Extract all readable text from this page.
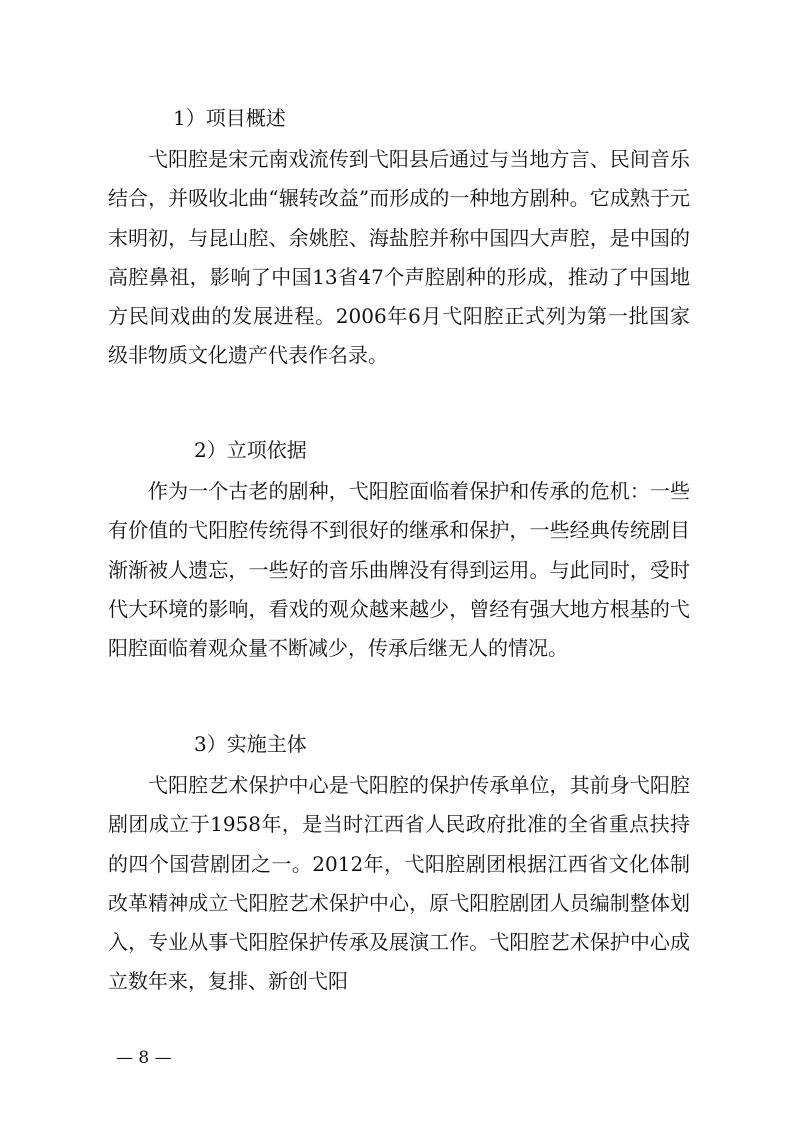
1）项目概述

弋阳腔是宋元南戏流传到弋阳县后通过与当地方言、民间音乐结合，并吸收北曲“辗转改益”而形成的一种地方剧种。它成熟于元末明初，与昆山腔、余姚腔、海盐腔并称中国四大声腔，是中国的高腔鼻祖，影响了中国13省47个声腔剧种的形成，推动了中国地方民间戏曲的发展进程。2006年6月弋阳腔正式列为第一批国家级非物质文化遗产代表作名录。

2）立项依据

作为一个古老的剧种，弋阳腔面临着保护和传承的危机：一些有价值的弋阳腔传统得不到很好的继承和保护，一些经典传统剧目渐渐被人遗忘，一些好的音乐曲牌没有得到运用。与此同时，受时代大环境的影响，看戏的观众越来越少，曾经有强大地方根基的弋阳腔面临着观众量不断减少，传承后继无人的情况。

3）实施主体

弋阳腔艺术保护中心是弋阳腔的保护传承单位，其前身弋阳腔剧团成立于1958年，是当时江西省人民政府批准的全省重点扶持的四个国营剧团之一。2012年，弋阳腔剧团根据江西省文化体制改革精神成立弋阳腔艺术保护中心，原弋阳腔剧团人员编制整体划入，专业从事弋阳腔保护传承及展演工作。弋阳腔艺术保护中心成立数年来，复排、新创弋阳

— 8 —
